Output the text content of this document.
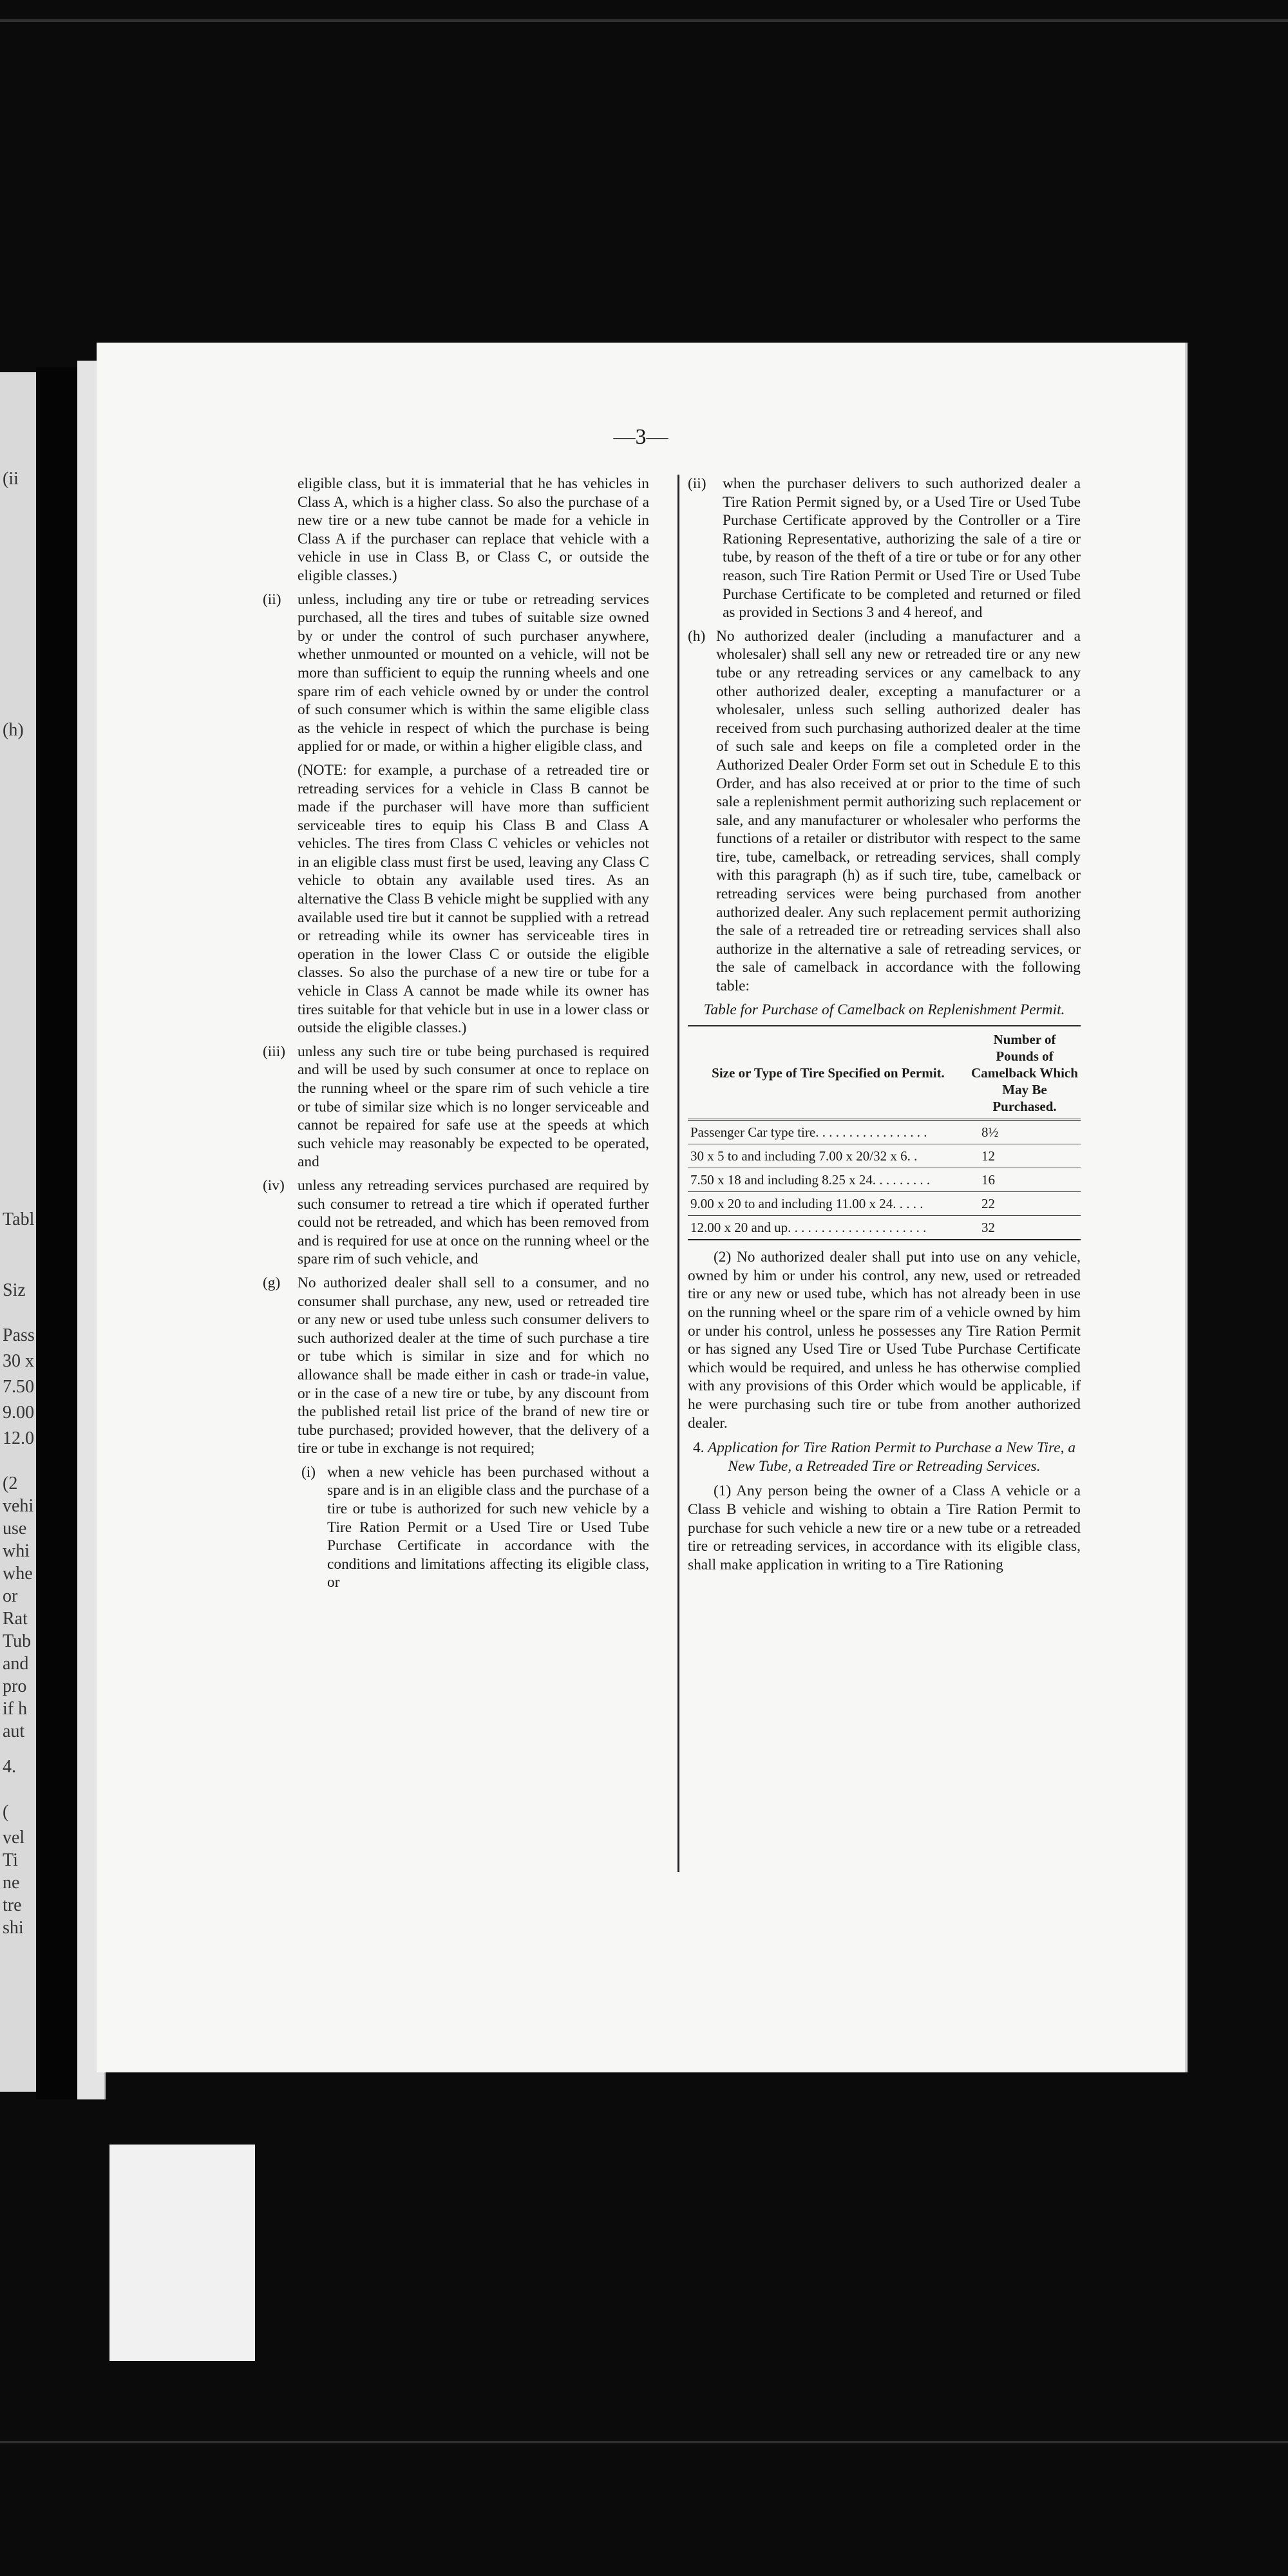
(ii
(h)
Tabl
Siz
Pass
30 x
7.50
9.00
12.0
(2
vehi
use
whi
whe
or
Rat
Tub
and
pro
if h
aut
4.
(
vel
Ti
ne
tre
shi
—3—

eligible class, but it is immaterial that he has vehicles in Class A, which is a higher class. So also the purchase of a new tire or a new tube cannot be made for a vehicle in Class A if the purchaser can replace that vehicle with a vehicle in use in Class B, or Class C, or outside the eligible classes.)

(ii)	unless, including any tire or tube or retreading services purchased, all the tires and tubes of suitable size owned by or under the control of such purchaser anywhere, whether unmounted or mounted on a vehicle, will not be more than sufficient to equip the running wheels and one spare rim of each vehicle owned by or under the control of such consumer which is within the same eligible class as the vehicle in respect of which the purchase is being applied for or made, or within a higher eligible class, and

(NOTE: for example, a purchase of a retreaded tire or retreading services for a vehicle in Class B cannot be made if the purchaser will have more than sufficient serviceable tires to equip his Class B and Class A vehicles. The tires from Class C vehicles or vehicles not in an eligible class must first be used, leaving any Class C vehicle to obtain any available used tires. As an alternative the Class B vehicle might be supplied with any available used tire but it cannot be supplied with a retread or retreading while its owner has serviceable tires in operation in the lower Class C or outside the eligible classes. So also the purchase of a new tire or tube for a vehicle in Class A cannot be made while its owner has tires suitable for that vehicle but in use in a lower class or outside the eligible classes.)

(iii) unless any such tire or tube being purchased is required and will be used by such consumer at once to replace on the running wheel or the spare rim of such vehicle a tire or tube of similar size which is no longer serviceable and cannot be repaired for safe use at the speeds at which such vehicle may reasonably be expected to be operated, and
(iv) unless any retreading services purchased are required by such consumer to retread a tire which if operated further could not be retreaded, and which has been removed from and is required for use at once on the running wheel or the spare rim of such vehicle, and
(g)	No authorized dealer shall sell to a consumer, and no consumer shall purchase, any new, used or retreaded tire or any new or used tube unless such consumer delivers to such authorized dealer at the time of such purchase a tire or tube which is similar in size and for which no allowance shall be made either in cash or trade-in value, or in the case of a new tire or tube, by any discount from the published retail list price of the brand of new tire or tube purchased; provided however, that the delivery of a tire or tube in exchange is not required;
(i) when a new vehicle has been purchased without a spare and is in an eligible class and the purchase of a tire or tube is authorized for such new vehicle by a Tire Ration Permit or a Used Tire or Used Tube Purchase Certificate in accordance with the conditions and limitations affecting its eligible class, or
(ii)	when the purchaser delivers to such authorized dealer a Tire Ration Permit signed by, or a Used Tire or Used Tube Purchase Certificate approved by the Controller or a Tire Rationing Representative, authorizing the sale of a tire or tube, by reason of the theft of a tire or tube or for any other reason, such Tire Ration Permit or Used Tire or Used Tube Purchase Certificate to be completed and returned or filed as provided in Sections 3 and 4 hereof, and
(h) No authorized dealer (including a manufacturer and a wholesaler) shall sell any new or retreaded tire or any new tube or any retreading services or any camelback to any other authorized dealer, excepting a manufacturer or a wholesaler, unless such selling authorized dealer has received from such purchasing authorized dealer at the time of such sale and keeps on file a completed order in the Authorized Dealer Order Form set out in Schedule E to this Order, and has also received at or prior to the time of such sale a replenishment permit authorizing such replacement or sale, and any manufacturer or wholesaler who performs the functions of a retailer or distributor with respect to the same tire, tube, camelback, or retreading services, shall comply with this paragraph (h) as if such tire, tube, camelback or retreading services were being purchased from another authorized dealer. Any such replacement permit authorizing the sale of a retreaded tire or retreading services shall also authorize in the alternative a sale of retreading services, or the sale of camelback in accordance with the following table:
Table for Purchase of Camelback on Replenishment Permit.
Size or Type of Tire Specified on Permit.	Number of Pounds of Camelback Which May Be Purchased.
Passenger Car type tire. . . . . . . . . . . . . . . . .	8½
30 x 5 to and including 7.00 x 20/32 x 6. .	12
7.50 x 18 and including 8.25 x 24. . . . . . . . .	16
9.00 x 20 to and including 11.00 x 24. . . . .	22
12.00 x 20 and up. . . . . . . . . . . . . . . . . . . . .	32

(2) No authorized dealer shall put into use on any vehicle, owned by him or under his control, any new, used or retreaded tire or any new or used tube, which has not already been in use on the running wheel or the spare rim of a vehicle owned by him or under his control, unless he possesses any Tire Ration Permit or has signed any Used Tire or Used Tube Purchase Certificate which would be required, and unless he has otherwise complied with any provisions of this Order which would be applicable, if he were purchasing such tire or tube from another authorized dealer.

4. Application for Tire Ration Permit to Purchase a New Tire, a New Tube, a Retreaded Tire or Retreading Services.

(1) Any person being the owner of a Class A vehicle or a Class B vehicle and wishing to obtain a Tire Ration Permit to purchase for such vehicle a new tire or a new tube or a retreaded tire or retreading services, in accordance with its eligible class, shall make application in writing to a Tire Rationing
